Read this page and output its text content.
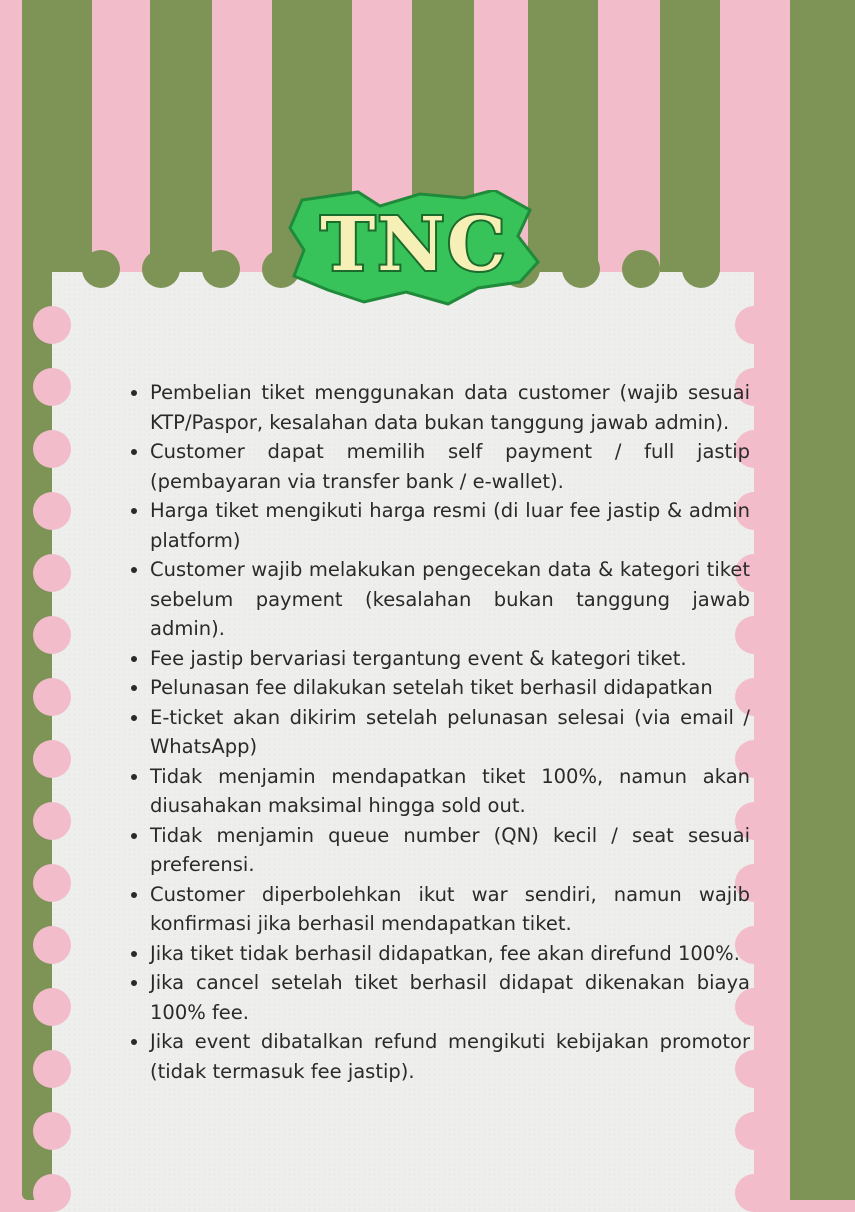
TNC
• Pembelian tiket menggunakan data customer (wajib sesuai KTP/Paspor, kesalahan data bukan tanggung jawab admin).
• Customer dapat memilih self payment / full jastip (pembayaran via transfer bank / e-wallet).
• Harga tiket mengikuti harga resmi (di luar fee jastip & admin platform)
• Customer wajib melakukan pengecekan data & kategori tiket sebelum payment (kesalahan bukan tanggung jawab admin).
• Fee jastip bervariasi tergantung event & kategori tiket.
• Pelunasan fee dilakukan setelah tiket berhasil didapatkan
• E-ticket akan dikirim setelah pelunasan selesai (via email / WhatsApp)
• Tidak menjamin mendapatkan tiket 100%, namun akan diusahakan maksimal hingga sold out.
• Tidak menjamin queue number (QN) kecil / seat sesuai preferensi.
• Customer diperbolehkan ikut war sendiri, namun wajib konfirmasi jika berhasil mendapatkan tiket.
• Jika tiket tidak berhasil didapatkan, fee akan direfund 100%.
• Jika cancel setelah tiket berhasil didapat dikenakan biaya 100% fee.
• Jika event dibatalkan refund mengikuti kebijakan promotor (tidak termasuk fee jastip).
